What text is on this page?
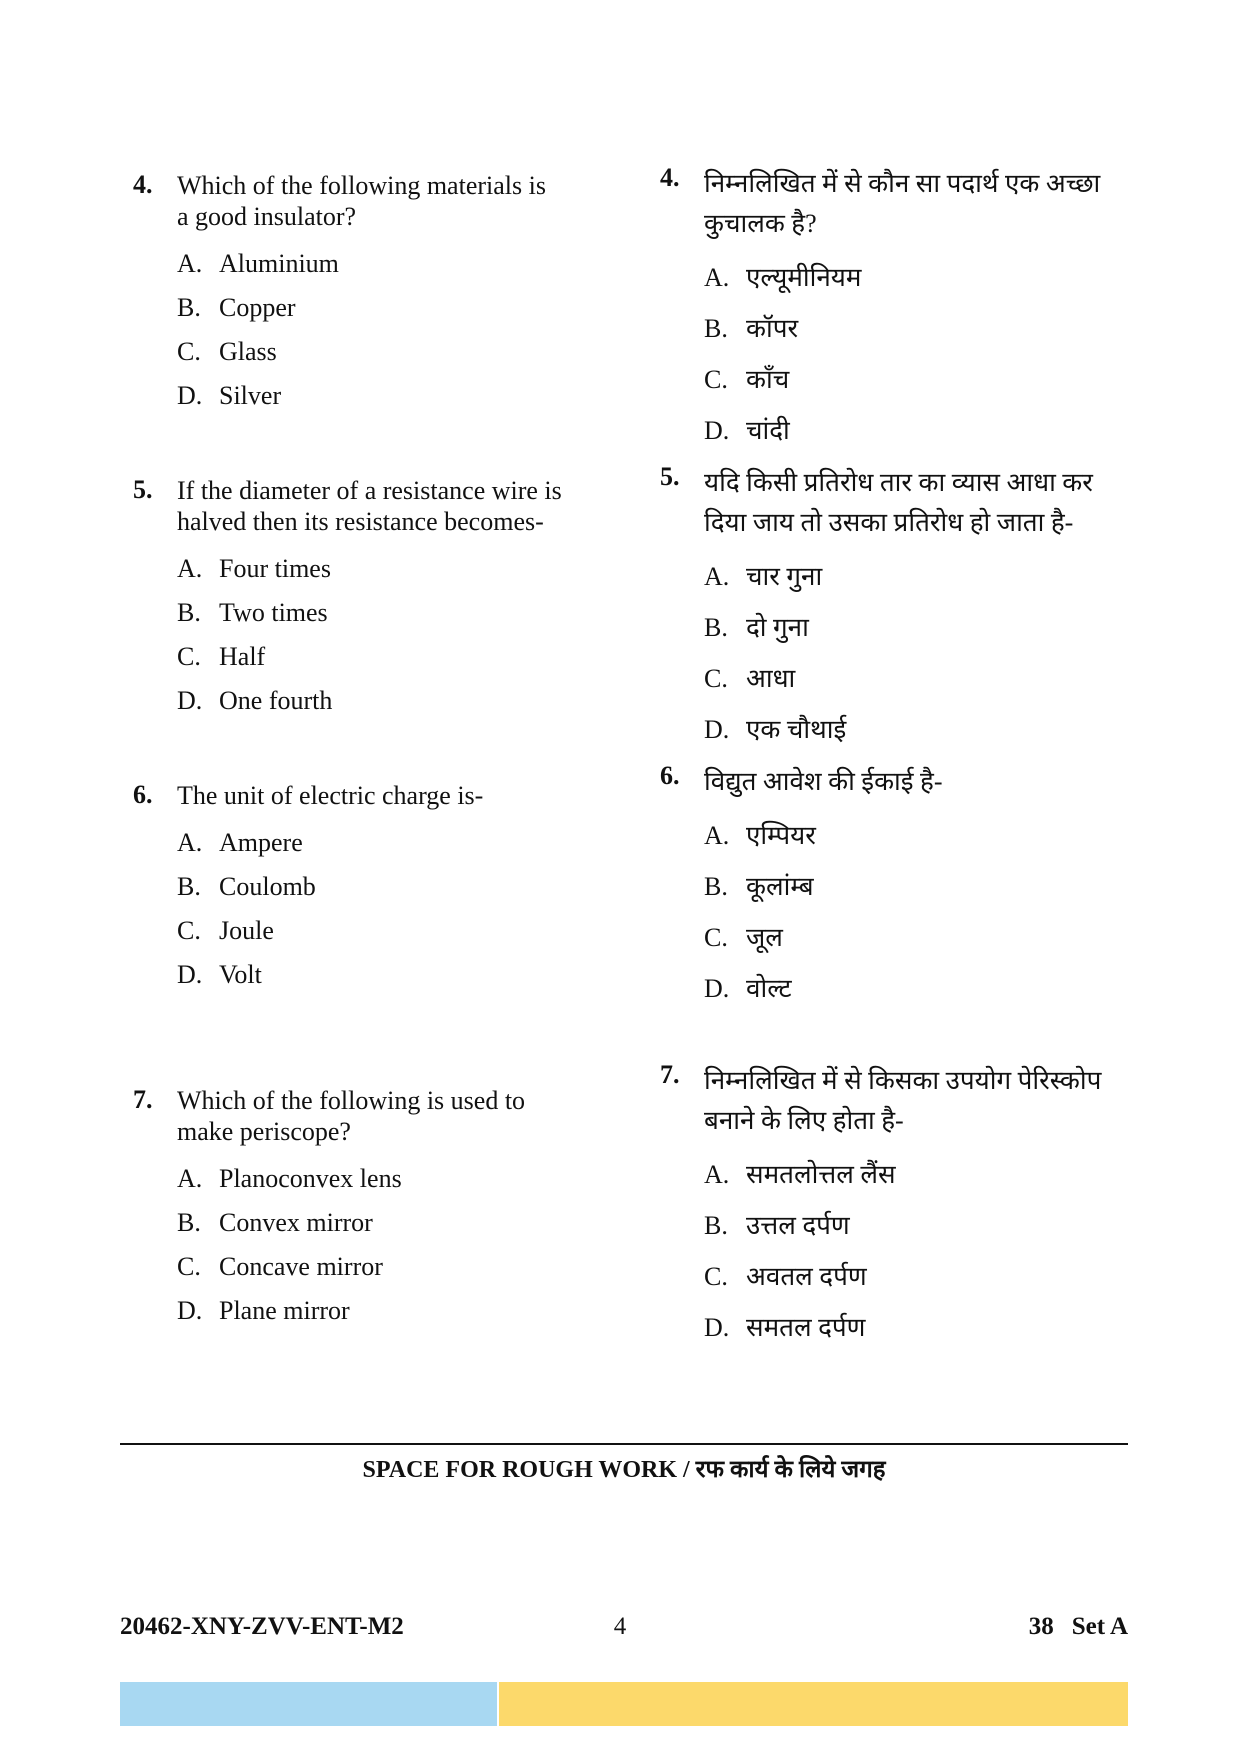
4. Which of the following materials is a good insulator?

A. Aluminium
B. Copper
C. Glass
D. Silver
5. If the diameter of a resistance wire is halved then its resistance becomes-

A. Four times
B. Two times
C. Half
D. One fourth
6. The unit of electric charge is-

A. Ampere
B. Coulomb
C. Joule
D. Volt
7. Which of the following is used to make periscope?

A. Planoconvex lens
B. Convex mirror
C. Concave mirror
D. Plane mirror
4. निम्नलिखित में से कौन सा पदार्थ एक अच्छा कुचालक है?

A. एल्यूमीनियम
B. कॉपर
C. काँच
D. चांदी
5. यदि किसी प्रतिरोध तार का व्यास आधा कर दिया जाय तो उसका प्रतिरोध हो जाता है-

A. चार गुना
B. दो गुना
C. आधा
D. एक चौथाई
6. विद्युत आवेश की ईकाई है-

A. एम्पियर
B. कूलांम्ब
C. जूल
D. वोल्ट
7. निम्नलिखित में से किसका उपयोग पेरिस्कोप बनाने के लिए होता है-

A. समतलोत्तल लैंस
B. उत्तल दर्पण
C. अवतल दर्पण
D. समतल दर्पण
SPACE FOR ROUGH WORK / रफ कार्य के लिये जगह
20462-XNY-ZVV-ENT-M2	4	38 Set A
